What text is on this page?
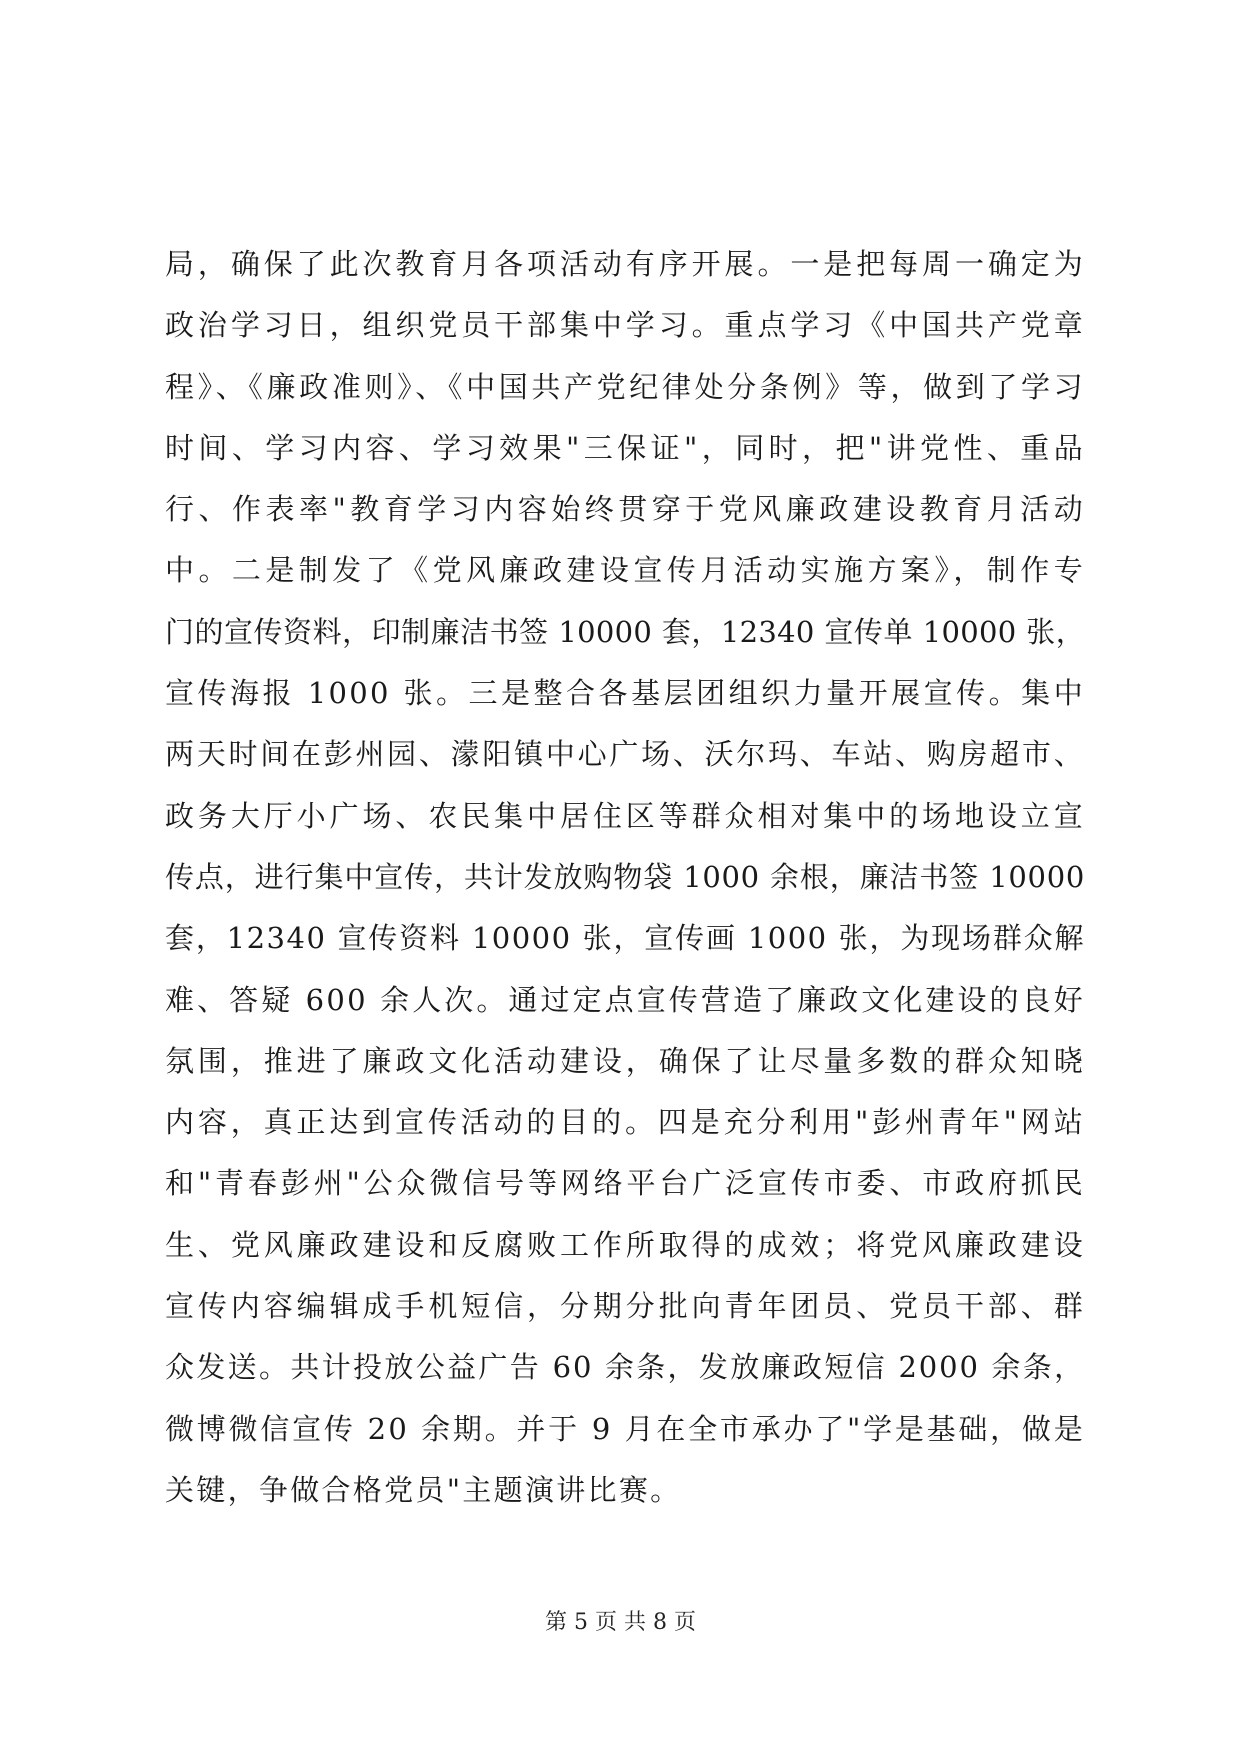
局，确保了此次教育月各项活动有序开展。一是把每周一确定为
政治学习日，组织党员干部集中学习。重点学习《中国共产党章
程》、《廉政准则》、《中国共产党纪律处分条例》等，做到了学习
时间、学习内容、学习效果"三保证"，同时，把"讲党性、重品
行、作表率"教育学习内容始终贯穿于党风廉政建设教育月活动
中。二是制发了《党风廉政建设宣传月活动实施方案》，制作专
门的宣传资料，印制廉洁书签 10000 套，12340 宣传单 10000 张，
宣传海报 1000 张。三是整合各基层团组织力量开展宣传。集中
两天时间在彭州园、濛阳镇中心广场、沃尔玛、车站、购房超市、
政务大厅小广场、农民集中居住区等群众相对集中的场地设立宣
传点，进行集中宣传，共计发放购物袋 1000 余根，廉洁书签 10000
套，12340 宣传资料 10000 张，宣传画 1000 张，为现场群众解
难、答疑 600 余人次。通过定点宣传营造了廉政文化建设的良好
氛围，推进了廉政文化活动建设，确保了让尽量多数的群众知晓
内容，真正达到宣传活动的目的。四是充分利用"彭州青年"网站
和"青春彭州"公众微信号等网络平台广泛宣传市委、市政府抓民
生、党风廉政建设和反腐败工作所取得的成效；将党风廉政建设
宣传内容编辑成手机短信，分期分批向青年团员、党员干部、群
众发送。共计投放公益广告 60 余条，发放廉政短信 2000 余条，
微博微信宣传 20 余期。并于 9 月在全市承办了"学是基础，做是
关键，争做合格党员"主题演讲比赛。
第 5 页 共 8 页
